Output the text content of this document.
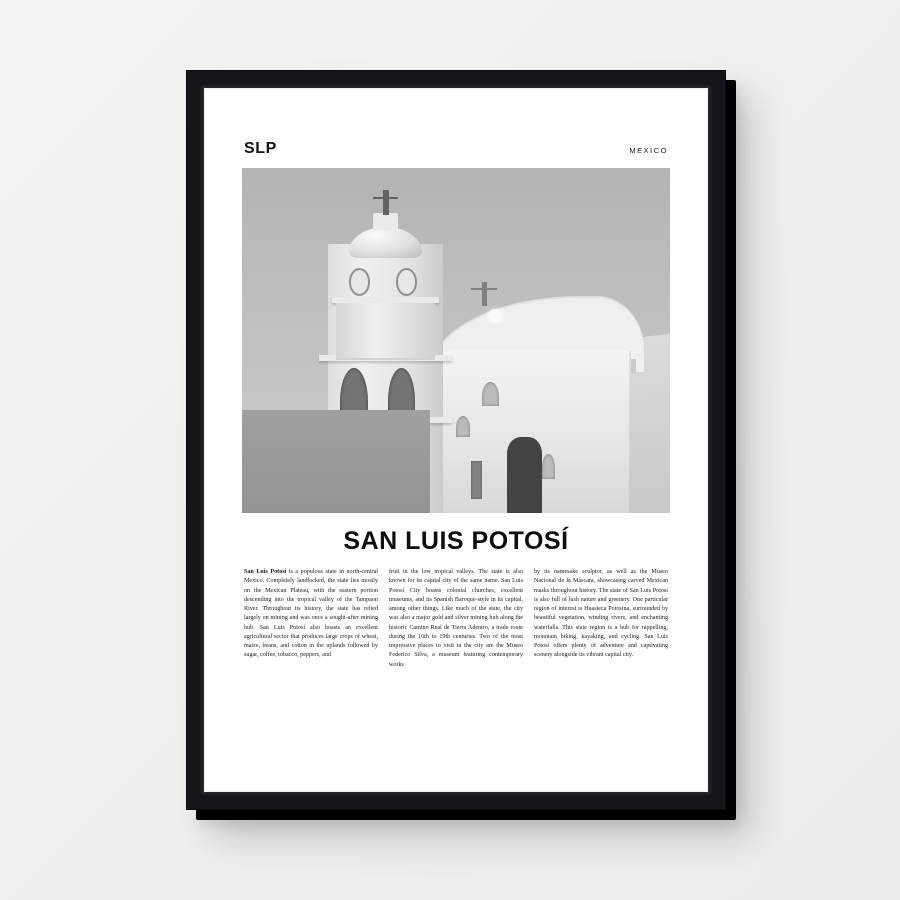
SLP	MEXICO
SAN LUIS POTOSÍ
San Luis Potosí is a populous state in north-central Mexico. Completely landlocked, the state lies mostly on the Mexican Plateau, with the eastern portion descending into the tropical valley of the Tampaon River. Throughout its history, the state has relied largely on mining and was once a sought-after mining hub. San Luis Potosí also boasts an excellent agricultural sector that produces large crops of wheat, maize, beans, and cotton in the uplands followed by sugar, coffee, tobacco, peppers, and
fruit in the low tropical valleys. The state is also known for its capital city of the same name. San Luis Potosí City boasts colonial churches, excellent museums, and its Spanish Baroque-style in its capital, among other things. Like much of the state, the city was also a major gold and silver mining hub along the historic Camino Real de Tierra Adentro, a trade route during the 16th to 19th centuries. Two of the most impressive places to visit in the city are the Museo Federico Silva, a museum featuring contemporary works
by its namesake sculptor, as well as the Museo Nacional de la Máscara, showcasing carved Mexican masks throughout history. The state of San Luis Potosí is also full of lush nature and greenery. One particular region of interest is Huasteca Potosina, surrounded by beautiful vegetation, winding rivers, and enchanting waterfalls. This state region is a hub for rappelling, mountain biking, kayaking, and cycling. San Luis Potosí offers plenty of adventure and captivating scenery alongside its vibrant capital city.
